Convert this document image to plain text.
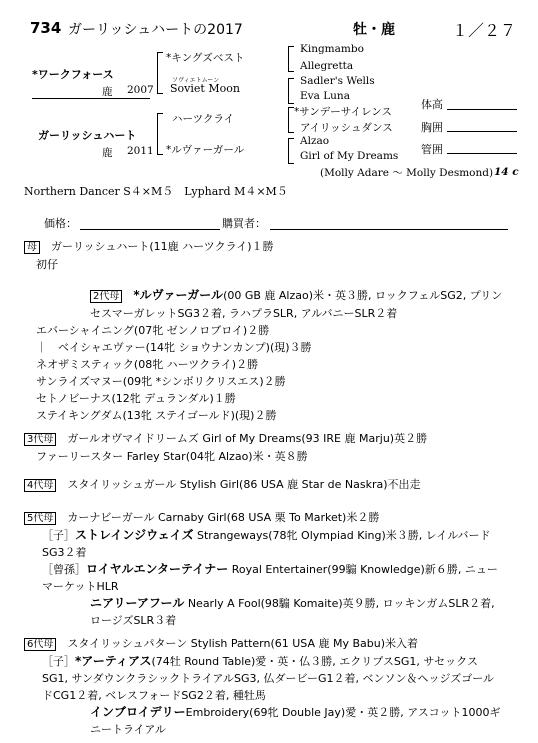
734 ガーリッシュハートの2017	牡・鹿	１／２７
*ワークフォース
鹿 2007
ガーリッシュハート
鹿 2011
*キングズベスト
ソヴィエトムーン
Soviet Moon
ハーツクライ
*ルヴァーガール
Kingmambo
Allegretta
Sadler's Wells
Eva Luna
*サンデーサイレンス
アイリッシュダンス
Alzao
Girl of My Dreams
(Molly Adare ～ Molly Desmond) 14 c
体高
胸囲
管囲
Northern Dancer S４×M５　Lyphard M４×M５
価格：	購買者：
母　 ガーリッシュハート(11鹿 ハーツクライ)１勝
初仔
2代母　 *ルヴァーガール(00 GB 鹿 Alzao)米・英３勝, ロックフェルSG2, プリンセスマーガレットSG3２着, ラハプラSLR, アルバニーSLR２着
エバーシャイニング(07牝 ゼンノロブロイ)２勝
｜　ベイシャエヴァー(14牝 ショウナンカンプ)(現)３勝
ネオザミスティック(08牝 ハーツクライ)２勝
サンライズマヌー(09牝 *シンボリクリスエス)２勝
セトノビーナス(12牝 デュランダル)１勝
ステイキングダム(13牝 ステイゴールド)(現)２勝
3代母　 ガールオヴマイドリームズ Girl of My Dreams(93 IRE 鹿 Marju)英２勝
ファーリースター Farley Star(04牝 Alzao)米・英８勝
4代母　 スタイリッシュガール Stylish Girl(86 USA 鹿 Star de Naskra)不出走
5代母　 カーナビーガール Carnaby Girl(68 USA 栗 To Market)米２勝
［子］ストレインジウェイズ Strangeways(78牝 Olympiad King)米３勝, レイルバードSG3２着
［曾孫］ロイヤルエンターテイナー Royal Entertainer(99騸 Knowledge)新６勝, ニューマーケットHLR
ニアリーアフール Nearly A Fool(98騸 Komaite)英９勝, ロッキンガムSLR２着, ロージズSLR３着
6代母　 スタイリッシュパターン Stylish Pattern(61 USA 鹿 My Babu)米入着
［子］*アーティアス(74牡 Round Table)愛・英・仏３勝, エクリプスSG1, サセックスSG1, サンダウンクラシックトライアルSG3, 仏ダービーG1２着, ベンソン＆ヘッジズゴールドCG1２着, ベレスフォードSG2２着, 種牡馬
インブロイデリーEmbroidery(69牝 Double Jay)愛・英２勝, アスコット1000ギニートライアル
